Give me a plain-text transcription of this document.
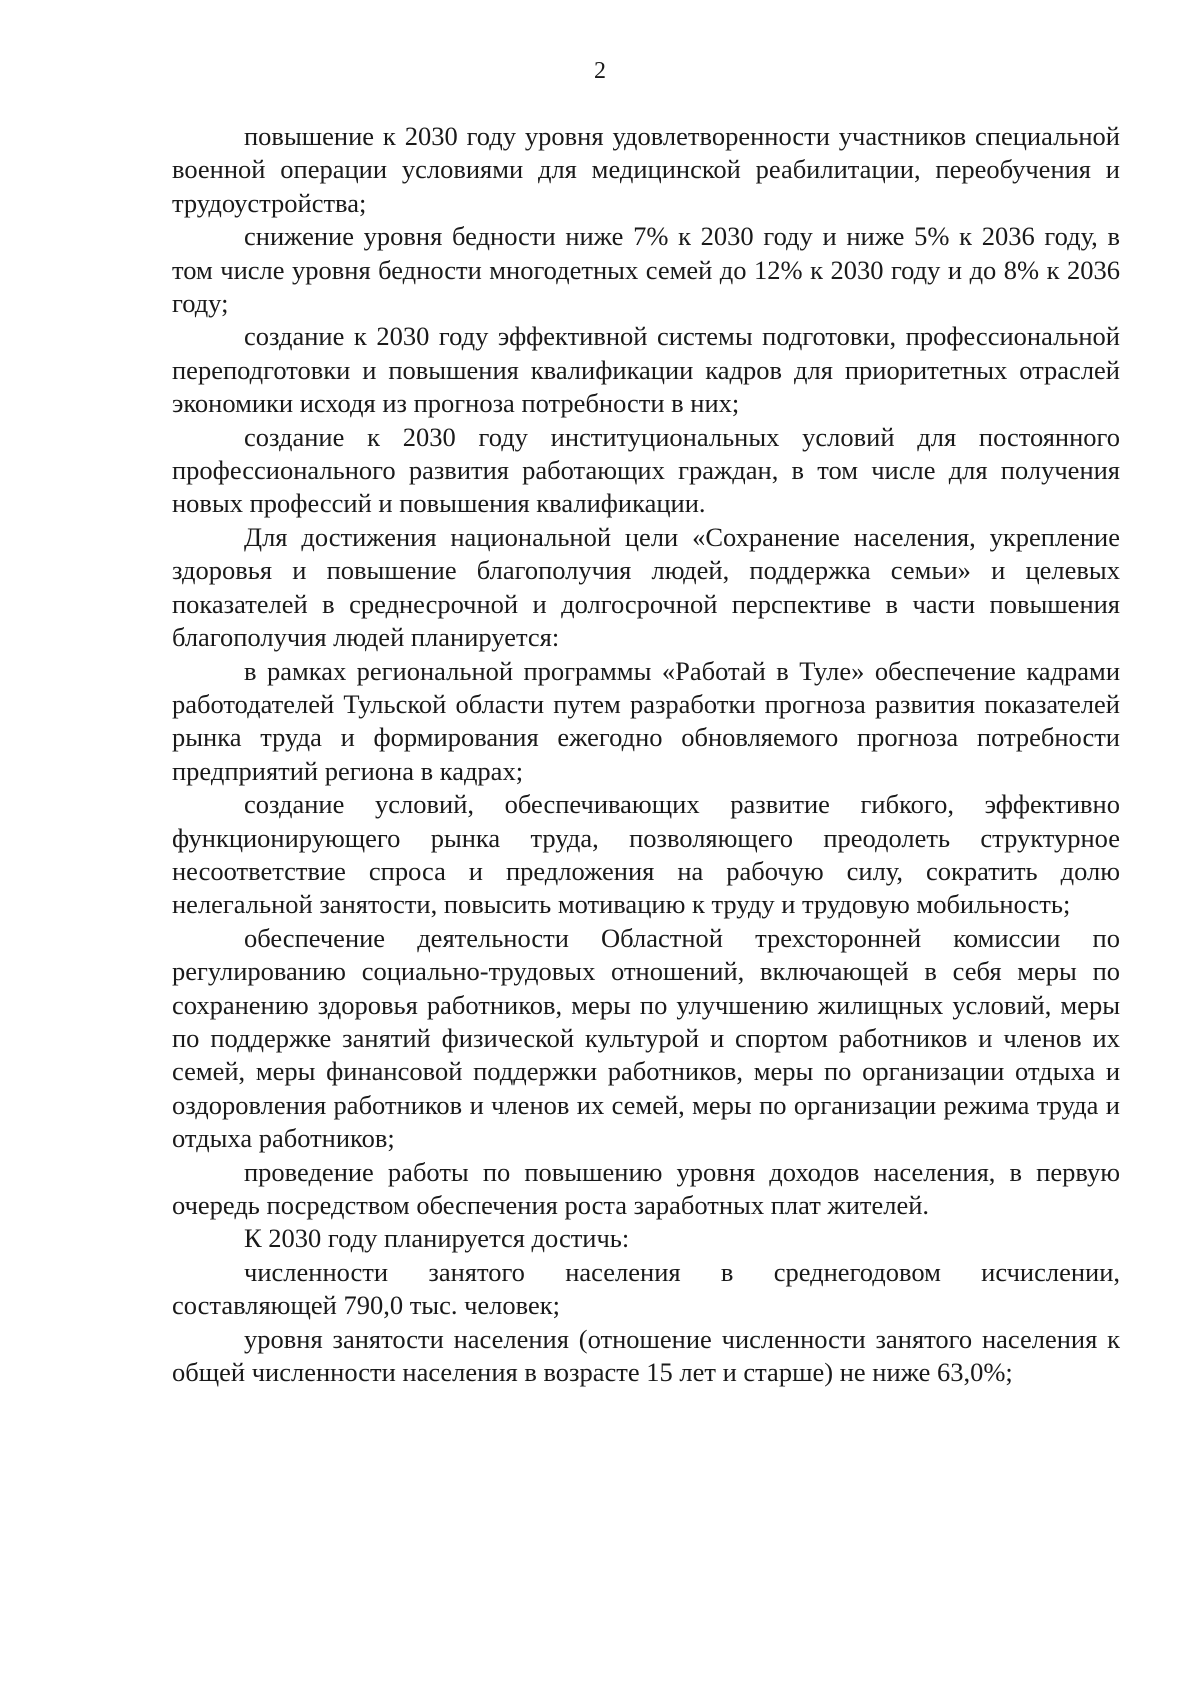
2

повышение к 2030 году уровня удовлетворенности участников специальной военной операции условиями для медицинской реабилитации, переобучения и трудоустройства;

снижение уровня бедности ниже 7% к 2030 году и ниже 5% к 2036 году, в том числе уровня бедности многодетных семей до 12% к 2030 году и до 8% к 2036 году;

создание к 2030 году эффективной системы подготовки, профессиональной переподготовки и повышения квалификации кадров для приоритетных отраслей экономики исходя из прогноза потребности в них;

создание к 2030 году институциональных условий для постоянного профессионального развития работающих граждан, в том числе для получения новых профессий и повышения квалификации.

Для достижения национальной цели «Сохранение населения, укрепление здоровья и повышение благополучия людей, поддержка семьи» и целевых показателей в среднесрочной и долгосрочной перспективе в части повышения благополучия людей планируется:

в рамках региональной программы «Работай в Туле» обеспечение кадрами работодателей Тульской области путем разработки прогноза развития показателей рынка труда и формирования ежегодно обновляемого прогноза потребности предприятий региона в кадрах;

создание условий, обеспечивающих развитие гибкого, эффективно функционирующего рынка труда, позволяющего преодолеть структурное несоответствие спроса и предложения на рабочую силу, сократить долю нелегальной занятости, повысить мотивацию к труду и трудовую мобильность;

обеспечение деятельности Областной трехсторонней комиссии по регулированию социально-трудовых отношений, включающей в себя меры по сохранению здоровья работников, меры по улучшению жилищных условий, меры по поддержке занятий физической культурой и спортом работников и членов их семей, меры финансовой поддержки работников, меры по организации отдыха и оздоровления работников и членов их семей, меры по организации режима труда и отдыха работников;

проведение работы по повышению уровня доходов населения, в первую очередь посредством обеспечения роста заработных плат жителей.

К 2030 году планируется достичь:

численности занятого населения в среднегодовом исчислении, составляющей 790,0 тыс. человек;

уровня занятости населения (отношение численности занятого населения к общей численности населения в возрасте 15 лет и старше) не ниже 63,0%;
